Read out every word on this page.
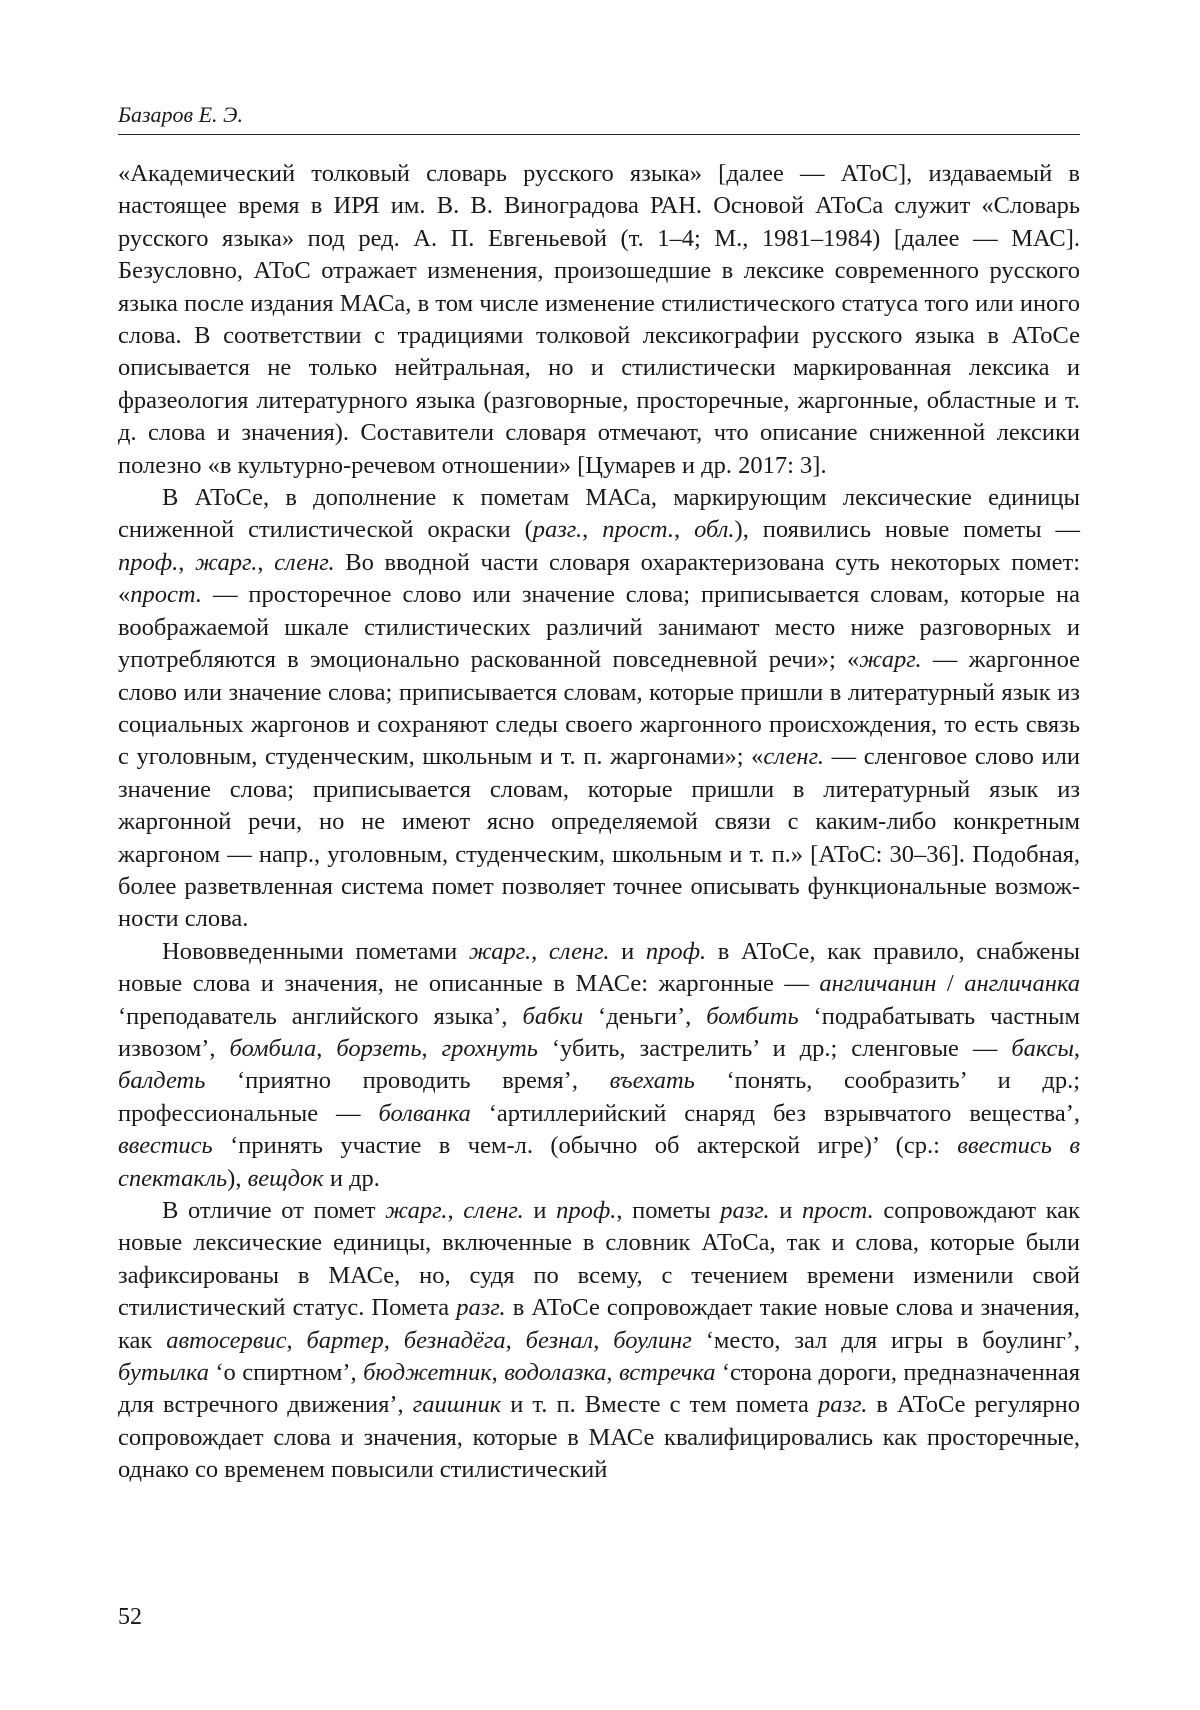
Базаров Е. Э.

«Академический толковый словарь русского языка» [далее — АТоС], издаваемый в настоящее время в ИРЯ им. В. В. Виноградова РАН. Основой АТоСа служит «Словарь русского языка» под ред. А. П. Евгеньевой (т. 1–4; М., 1981–1984) [далее — МАС]. Безусловно, АТоС отражает изменения, произошедшие в лексике современного русского языка после издания МАСа, в том числе изменение стилистического статуса того или иного слова. В соответствии с традициями толковой лексикографии русского языка в АТоСе описывается не только нейтральная, но и стилистически маркированная лексика и фразеология литературного языка (разговорные, просторечные, жаргонные, областные и т. д. слова и значения). Составители словаря отмечают, что описание сниженной лексики полезно «в культурно-речевом отношении» [Цумарев и др. 2017: 3].

В АТоСе, в дополнение к пометам МАСа, маркирующим лексические единицы сниженной стилистической окраски (разг., прост., обл.), появились новые пометы — проф., жарг., сленг. Во вводной части словаря охарактеризована суть некоторых помет: «прост. — просторечное слово или значение слова; приписывается словам, которые на воображаемой шкале стилистических различий занимают место ниже разговорных и употребляются в эмоционально раскованной повседневной речи»; «жарг. — жаргонное слово или значение слова; приписывается словам, которые пришли в литературный язык из социальных жаргонов и сохраняют следы своего жаргонного происхождения, то есть связь с уголовным, студенческим, школьным и т. п. жаргонами»; «сленг. — сленговое слово или значение слова; приписывается словам, которые пришли в литературный язык из жаргонной речи, но не имеют ясно определяемой связи с каким-либо конкретным жаргоном — напр., уголовным, студенческим, школьным и т. п.» [АТоС: 30–36]. Подобная, более разветвленная система помет позволяет точнее описывать функциональные возможности слова.

Нововведенными пометами жарг., сленг. и проф. в АТоСе, как правило, снабжены новые слова и значения, не описанные в МАСе: жаргонные — англичанин / англичанка ‘преподаватель английского языка’, бабки ‘деньги’, бомбить ‘подрабатывать частным извозом’, бомбила, борзеть, грохнуть ‘убить, застрелить’ и др.; сленговые — баксы, балдеть ‘приятно проводить время’, въехать ‘понять, сообразить’ и др.; профессиональные — болванка ‘артиллерийский снаряд без взрывчатого вещества’, ввестись ‘принять участие в чем-л. (обычно об актерской игре)’ (ср.: ввестись в спектакль), вещдок и др.

В отличие от помет жарг., сленг. и проф., пометы разг. и прост. сопровождают как новые лексические единицы, включенные в словник АТоСа, так и слова, которые были зафиксированы в МАСе, но, судя по всему, с течением времени изменили свой стилистический статус. Помета разг. в АТоСе сопровождает такие новые слова и значения, как автосервис, бартер, безнадёга, безнал, боулинг ‘место, зал для игры в боулинг’, бутылка ‘о спиртном’, бюджетник, водолазка, встречка ‘сторона дороги, предназначенная для встречного движения’, гаишник и т. п. Вместе с тем помета разг. в АТоСе регулярно сопровождает слова и значения, которые в МАСе квалифицировались как просторечные, однако со временем повысили стилистический

52
